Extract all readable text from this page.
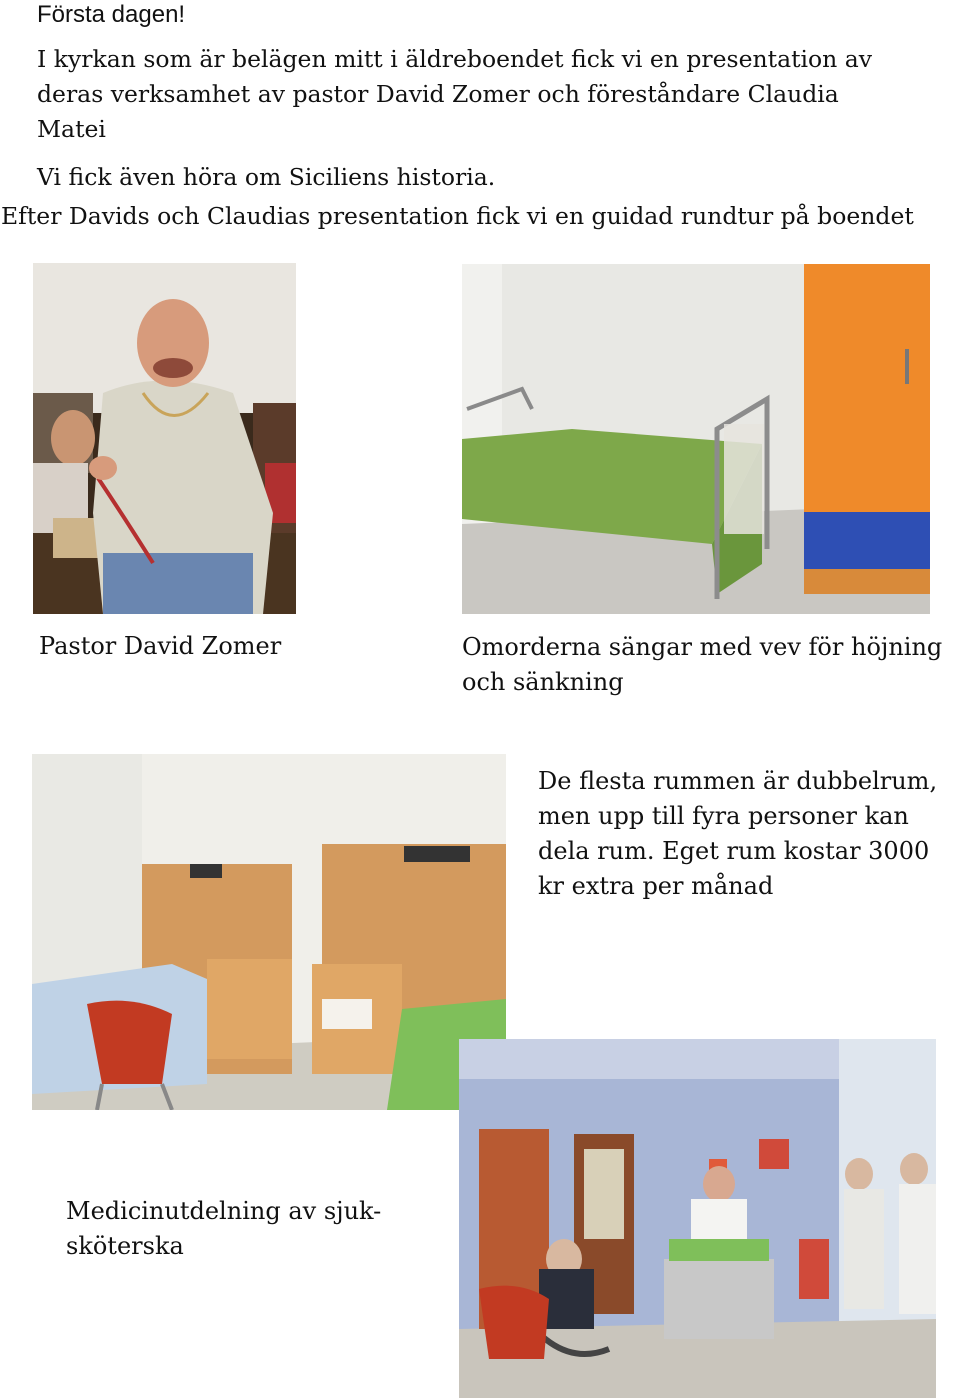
Första dagen!

I kyrkan som är belägen mitt i äldreboendet fick vi en presentation av
deras verksamhet av pastor David Zomer och föreståndare Claudia
Matei

Vi fick även höra om Siciliens historia.

Efter Davids och Claudias presentation fick vi en guidad rundtur på boendet

Pastor David Zomer	Omorderna sängar med vev för höjning
och sänkning

De flesta rummen är dubbelrum,
men upp till fyra personer kan
dela rum. Eget rum kostar 3000
kr extra per månad

Medicinutdelning av sjuk-
sköterska
